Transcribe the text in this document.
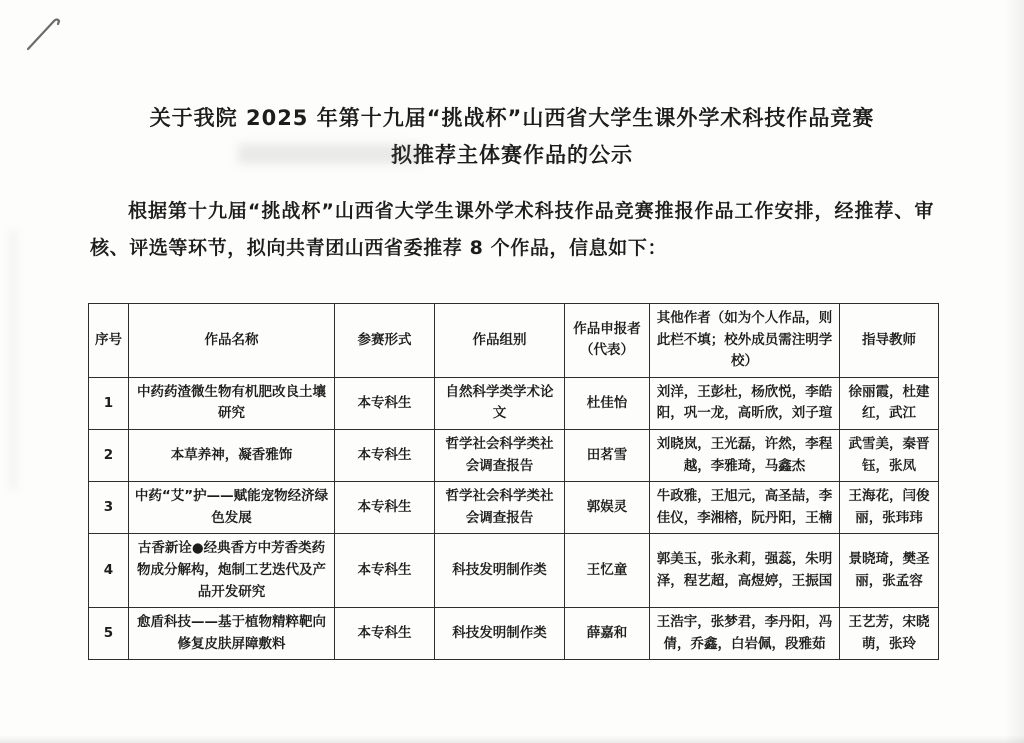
关于我院 2025 年第十九届“挑战杯”山西省大学生课外学术科技作品竞赛
拟推荐主体赛作品的公示

根据第十九届“挑战杯”山西省大学生课外学术科技作品竞赛推报作品工作安排，经推荐、审核、评选等环节，拟向共青团山西省委推荐 8 个作品，信息如下：

序号	作品名称	参赛形式	作品组别	作品申报者（代表）	其他作者（如为个人作品，则此栏不填；校外成员需注明学校）	指导教师
1	中药药渣微生物有机肥改良土壤研究	本专科生	自然科学类学术论文	杜佳怡	刘洋，王彭杜，杨欣悦，李皓阳，巩一龙，高昕欣，刘子瑄	徐丽霞，杜建红，武江
2	本草养神，凝香雅饰	本专科生	哲学社会科学类社会调查报告	田茗雪	刘晓岚，王光磊，许然，李程越，李雅琦，马鑫杰	武雪美，秦晋钰，张凤
3	中药“艾”护——赋能宠物经济绿色发展	本专科生	哲学社会科学类社会调查报告	郭娱灵	牛政雅，王旭元，高圣喆，李佳仪，李湘榕，阮丹阳，王楠	王海花，闫俊丽，张玮玮
4	古香新诠●经典香方中芳香类药物成分解构，炮制工艺迭代及产品开发研究	本专科生	科技发明制作类	王忆童	郭美玉，张永莉，强蕊，朱明泽，程艺超，高煜婷，王振国	景晓琦，樊圣丽，张孟容
5	愈盾科技——基于植物精粹靶向修复皮肤屏障敷料	本专科生	科技发明制作类	薛嘉和	王浩宇，张梦君，李丹阳，冯倩，乔鑫，白岩佩，段雅茹	王艺芳，宋晓萌，张玲
